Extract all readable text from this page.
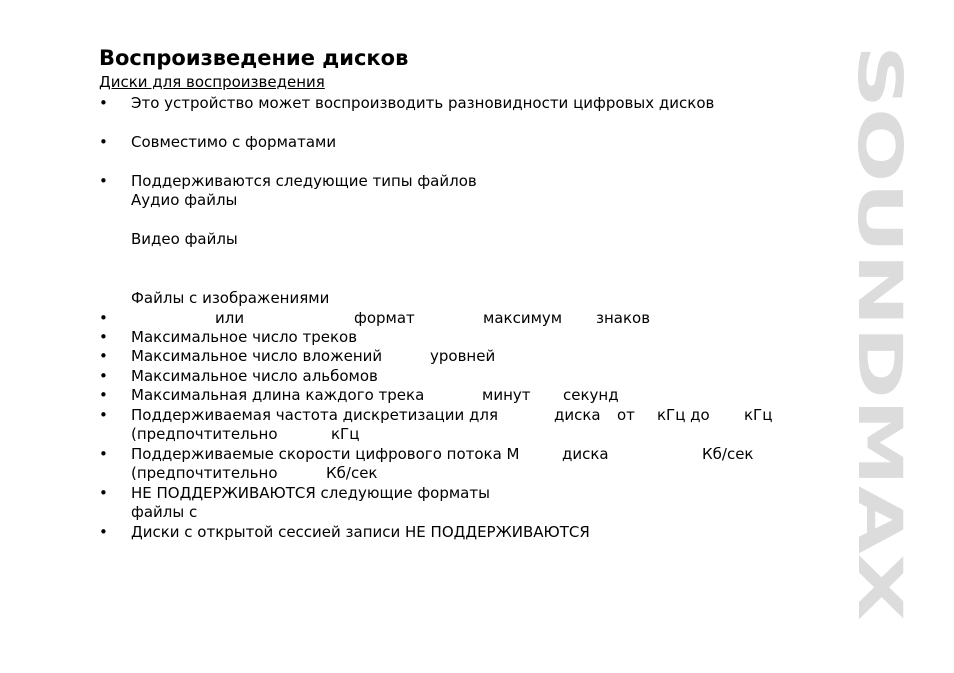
Воспроизведение дисков
Диски для воспроизведения
•
•
•
•
•
•
•
•
•
•
•
•
Это устройство может воспроизводить разновидности цифровых дисков
Совместимо с форматами
Поддерживаются следующие типы файлов
Аудио файлы
Видео файлы
Файлы с изображениями
или	формат	максимум знаков
Максимальное число треков
Максимальное число вложений	уровней
Максимальное число альбомов
Максимальная длина каждого трека	минут секунд
Поддерживаемая частота дискретизации для	диска от кГц до кГц
(предпочтительно	кГц
Поддерживаемые скорости цифрового потока М	диска	Кб/сек
(предпочтительно	Кб/сек
НЕ ПОДДЕРЖИВАЮТСЯ следующие форматы
файлы с
Диски с открытой сессией записи НЕ ПОДДЕРЖИВАЮТСЯ
SOUNDMAX
